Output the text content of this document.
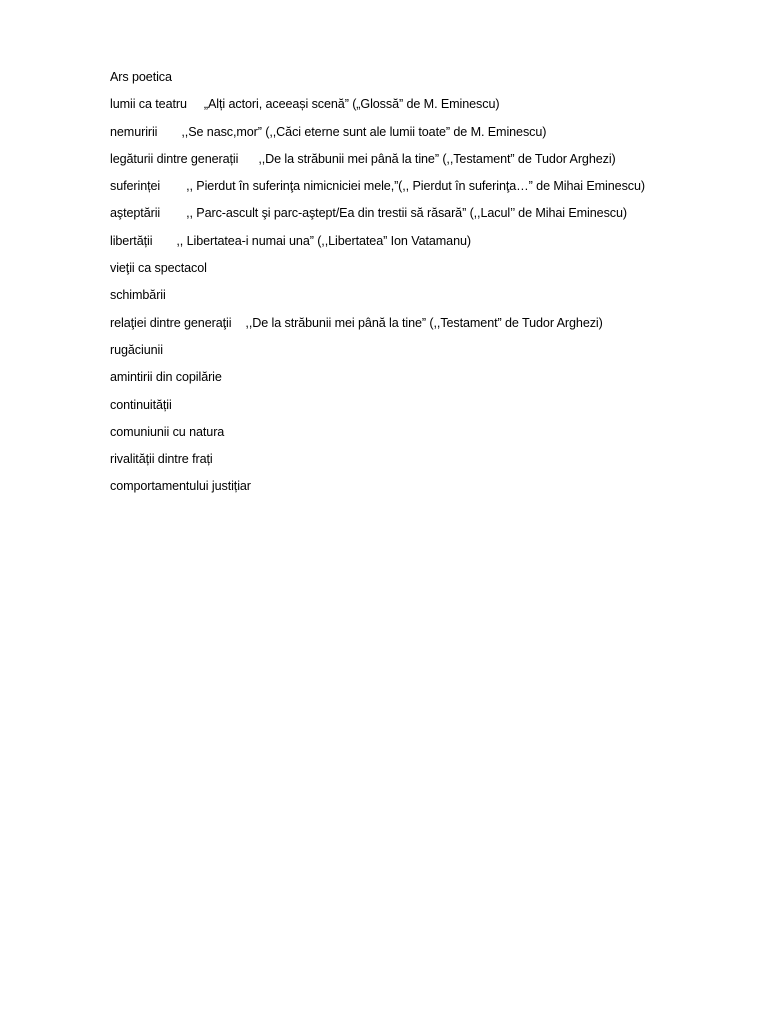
Ars poetica
lumii ca teatru „Alți actori, aceeași scenă” („Glossă” de M. Eminescu)
nemuririi ,,Se nasc,mor” (,,Căci eterne sunt ale lumii toate” de M. Eminescu)
legăturii dintre generații ,,De la străbunii mei până la tine” (,,Testament” de Tudor Arghezi)
suferinței ,, Pierdut în suferinţa nimicniciei mele,”(,, Pierdut în suferinţa…” de Mihai Eminescu)
aşteptării ,, Parc-ascult şi parc-aştept/Ea din trestii să răsară” (,,Lacul’’ de Mihai Eminescu)
libertății ,, Libertatea-i numai una” (,,Libertatea” Ion Vatamanu)
vieţii ca spectacol
schimbării
relaţiei dintre generaţii ,,De la străbunii mei până la tine” (,,Testament” de Tudor Arghezi)
rugăciunii
amintirii din copilărie
continuității
comuniunii cu natura
rivalității dintre frați
comportamentului justițiar
